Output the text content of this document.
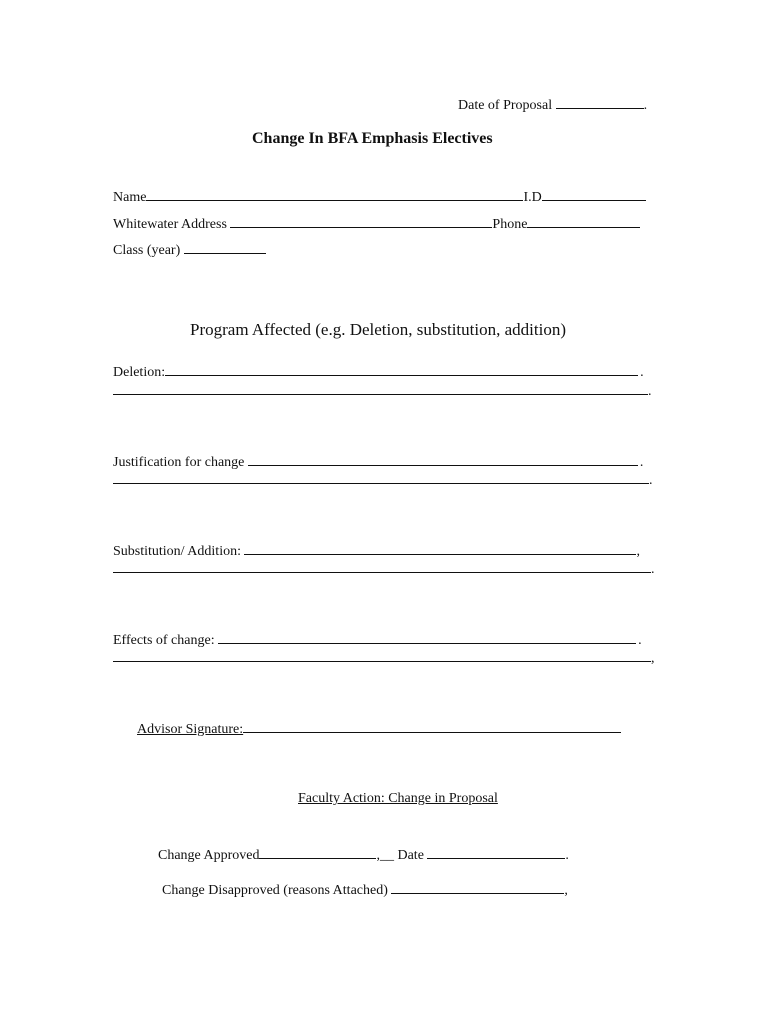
Date of Proposal	.
Change In BFA Emphasis Electives
Name	I.D
Whitewater Address	Phone
Class (year)
Program Affected (e.g. Deletion, substitution, addition)
Deletion:	.
.
Justification for change	.
.
Substitution/ Addition:	,
.
Effects of change:	.
,
Advisor Signature:
Faculty Action: Change in Proposal
Change Approved	,__ Date	.
Change Disapproved (reasons Attached)	,
